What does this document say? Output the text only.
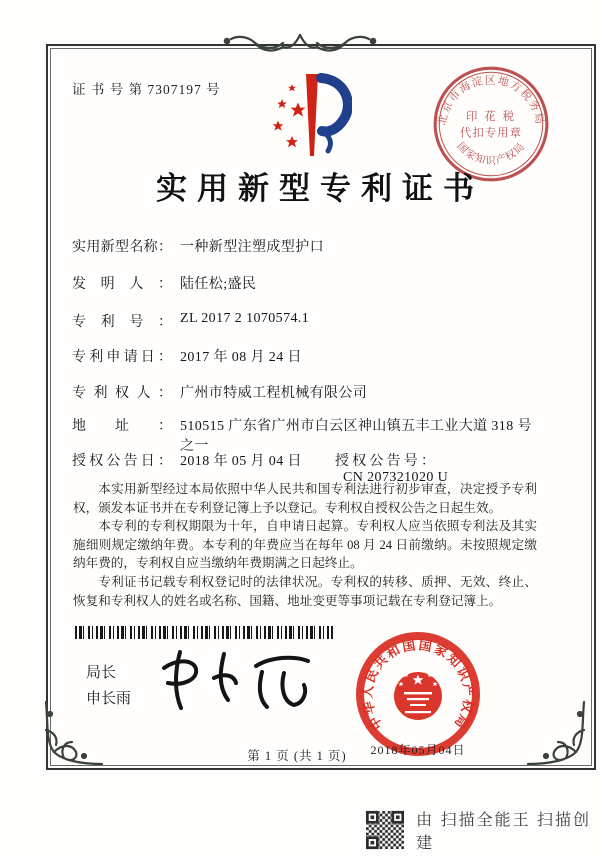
证 书 号 第 7307197 号
北京市海淀区地方税务局
国家知识产权局
印 花 税
代扣专用章
实用新型专利证书
实用新型名称： 一种新型注塑成型护口
发明人： 陆任松;盛民
专利号： ZL 2017 2 1070574.1
专利申请日： 2017 年 08 月 24 日
专利权人： 广州市特威工程机械有限公司
地址： 510515 广东省广州市白云区神山镇五丰工业大道 318 号之一
授权公告日： 2018 年 05 月 04 日 授权公告号：CN 207321020 U

本实用新型经过本局依照中华人民共和国专利法进行初步审查，决定授予专利权，颁发本证书并在专利登记簿上予以登记。专利权自授权公告之日起生效。

本专利的专利权期限为十年，自申请日起算。专利权人应当依照专利法及其实施细则规定缴纳年费。本专利的年费应当在每年 08 月 24 日前缴纳。未按照规定缴纳年费的，专利权自应当缴纳年费期满之日起终止。

专利证书记载专利权登记时的法律状况。专利权的转移、质押、无效、终止、恢复和专利权人的姓名或名称、国籍、地址变更等事项记载在专利登记簿上。

局长
申长雨
中华人民共和国国家知识产权局
2018年05月04日
第 1 页 (共 1 页)
由 扫描全能王 扫描创建
